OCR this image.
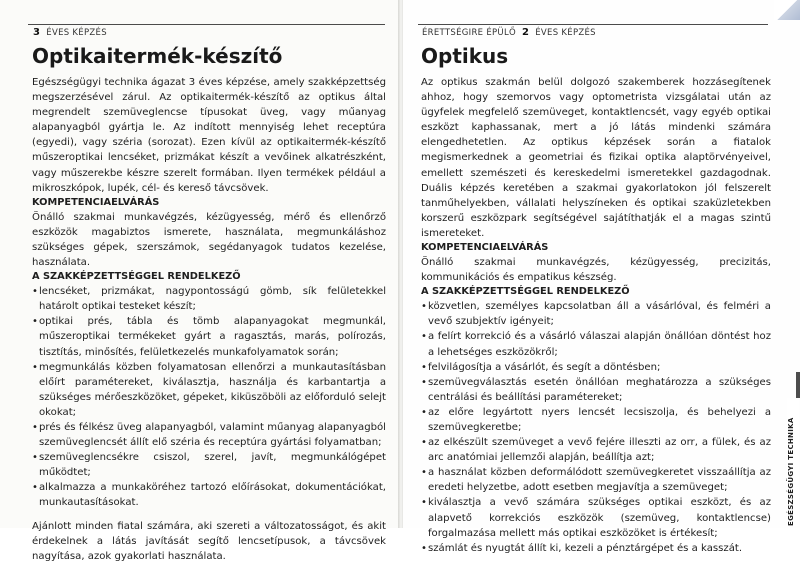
3 ÉVES KÉPZÉS
Optikaitermék-készítő

Egészségügyi technika ágazat 3 éves képzése, amely szakképzettség megszerzésével zárul. Az optikaitermék-készítő az optikus által megrendelt szemüveglencse típusokat üveg, vagy műanyag alapanyagból gyártja le. Az indított mennyiség lehet receptúra (egyedi), vagy széria (sorozat). Ezen kívül az optikaitermék-készítő műszeroptikai lencséket, prizmákat készít a vevőinek alkatrészként, vagy műszerekbe készre szerelt formában. Ilyen termékek például a mikroszkópok, lupék, cél- és kereső távcsövek.

KOMPETENCIAELVÁRÁS

Önálló szakmai munkavégzés, kézügyesség, mérő és ellenőrző eszközök magabiztos ismerete, használata, megmunkáláshoz szükséges gépek, szerszámok, segédanyagok tudatos kezelése, használata.

A SZAKKÉPZETTSÉGGEL RENDELKEZŐ

• lencséket, prizmákat, nagypontosságú gömb, sík felületekkel határolt optikai testeket készít;
• optikai prés, tábla és tömb alapanyagokat megmunkál, műszeroptikai termékeket gyárt a ragasztás, marás, polírozás, tisztítás, minősítés, felületkezelés munkafolyamatok során;
• megmunkálás közben folyamatosan ellenőrzi a munkautasításban előírt paramétereket, kiválasztja, használja és karbantartja a szükséges mérőeszközöket, gépeket, kiküszöböli az előforduló selejt okokat;
• prés és félkész üveg alapanyagból, valamint műanyag alapanyagból szemüveglencsét állít elő széria és receptúra gyártási folyamatban;
• szemüveglencsékre csiszol, szerel, javít, megmunkálógépet működtet;
• alkalmazza a munkaköréhez tartozó előírásokat, dokumentációkat, munkautasításokat.

Ajánlott minden fiatal számára, aki szereti a változatosságot, és akit érdekelnek a látás javítását segítő lencsetípusok, a távcsövek nagyítása, azok gyakorlati használata.

ÉRETTSÉGIRE ÉPÜLŐ 2 ÉVES KÉPZÉS
Optikus

Az optikus szakmán belül dolgozó szakemberek hozzásegítenek ahhoz, hogy szemorvos vagy optometrista vizsgálatai után az ügyfelek megfelelő szemüveget, kontaktlencsét, vagy egyéb optikai eszközt kaphassanak, mert a jó látás mindenki számára elengedhetetlen. Az optikus képzések során a fiatalok megismerkednek a geometriai és fizikai optika alaptörvényeivel, emellett szemészeti és kereskedelmi ismeretekkel gazdagodnak. Duális képzés keretében a szakmai gyakorlatokon jól felszerelt tanműhelyekben, vállalati helyszíneken és optikai szaküzletekben korszerű eszközpark segítségével sajátíthatják el a magas szintű ismereteket.

KOMPETENCIAELVÁRÁS

Önálló szakmai munkavégzés, kézügyesség, precizitás, kommunikációs és empatikus készség.

A SZAKKÉPZETTSÉGGEL RENDELKEZŐ

• közvetlen, személyes kapcsolatban áll a vásárlóval, és felméri a vevő szubjektív igényeit;
• a felírt korrekció és a vásárló válaszai alapján önállóan döntést hoz a lehetséges eszközökről;
• felvilágosítja a vásárlót, és segít a döntésben;
• szemüvegválasztás esetén önállóan meghatározza a szükséges centrálási és beállítási paramétereket;
• az előre legyártott nyers lencsét lecsiszolja, és behelyezi a szemüvegkeretbe;
• az elkészült szemüveget a vevő fejére illeszti az orr, a fülek, és az arc anatómiai jellemzői alapján, beállítja azt;
• a használat közben deformálódott szemüvegkeretet visszaállítja az eredeti helyzetbe, adott esetben megjavítja a szemüveget;
• kiválasztja a vevő számára szükséges optikai eszközt, és az alapvető korrekciós eszközök (szemüveg, kontaktlencse) forgalmazása mellett más optikai eszközöket is értékesít;
• számlát és nyugtát állít ki, kezeli a pénztárgépet és a kasszát.
EGÉSZSÉGÜGYI TECHNIKA
